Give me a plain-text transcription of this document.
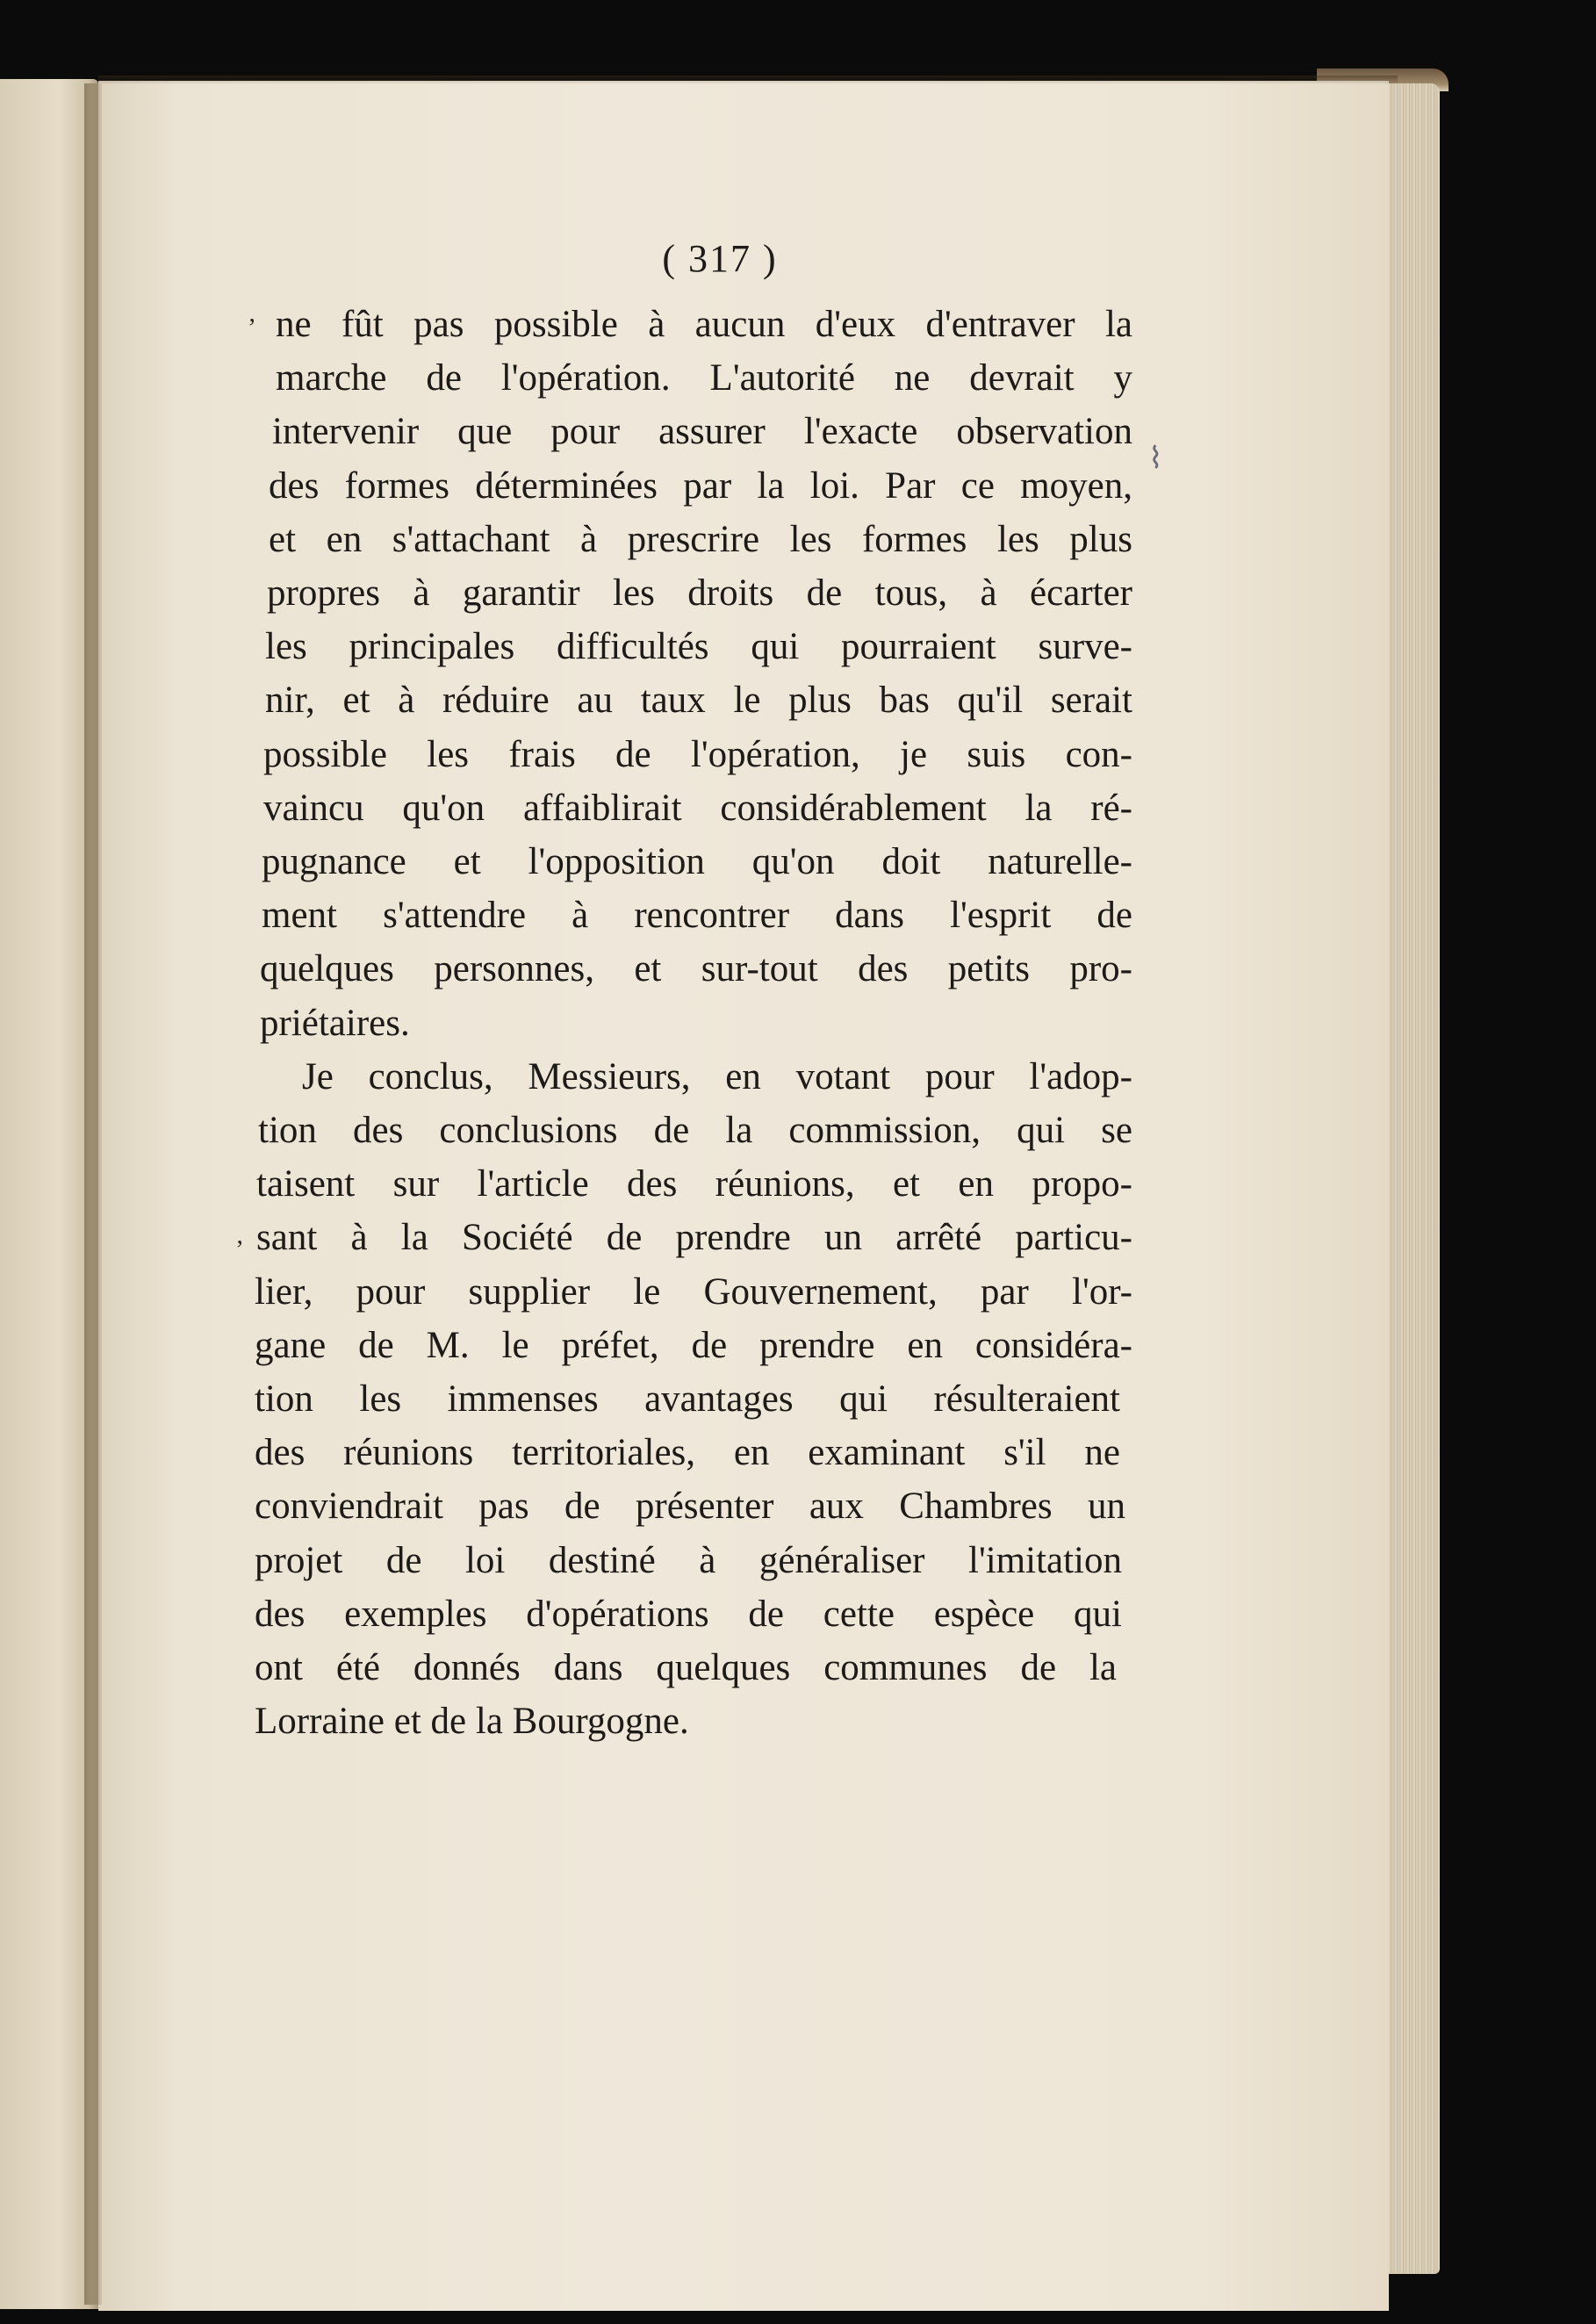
‚
‚
⌇
( 317 )
ne fût pas possible à aucun d'eux d'entraver la
marche de l'opération. L'autorité ne devrait y
intervenir que pour assurer l'exacte observation
des formes déterminées par la loi. Par ce moyen,
et en s'attachant à prescrire les formes les plus
propres à garantir les droits de tous, à écarter
les principales difficultés qui pourraient surve-
nir, et à réduire au taux le plus bas qu'il serait
possible les frais de l'opération, je suis con-
vaincu qu'on affaiblirait considérablement la ré-
pugnance et l'opposition qu'on doit naturelle-
ment s'attendre à rencontrer dans l'esprit de
quelques personnes, et sur-tout des petits pro-
priétaires.
Je conclus, Messieurs, en votant pour l'adop-
tion des conclusions de la commission, qui se
taisent sur l'article des réunions, et en propo-
sant à la Société de prendre un arrêté particu-
lier, pour supplier le Gouvernement, par l'or-
gane de M. le préfet, de prendre en considéra-
tion les immenses avantages qui résulteraient
des réunions territoriales, en examinant s'il ne
conviendrait pas de présenter aux Chambres un
projet de loi destiné à généraliser l'imitation
des exemples d'opérations de cette espèce qui
ont été donnés dans quelques communes de la
Lorraine et de la Bourgogne.
